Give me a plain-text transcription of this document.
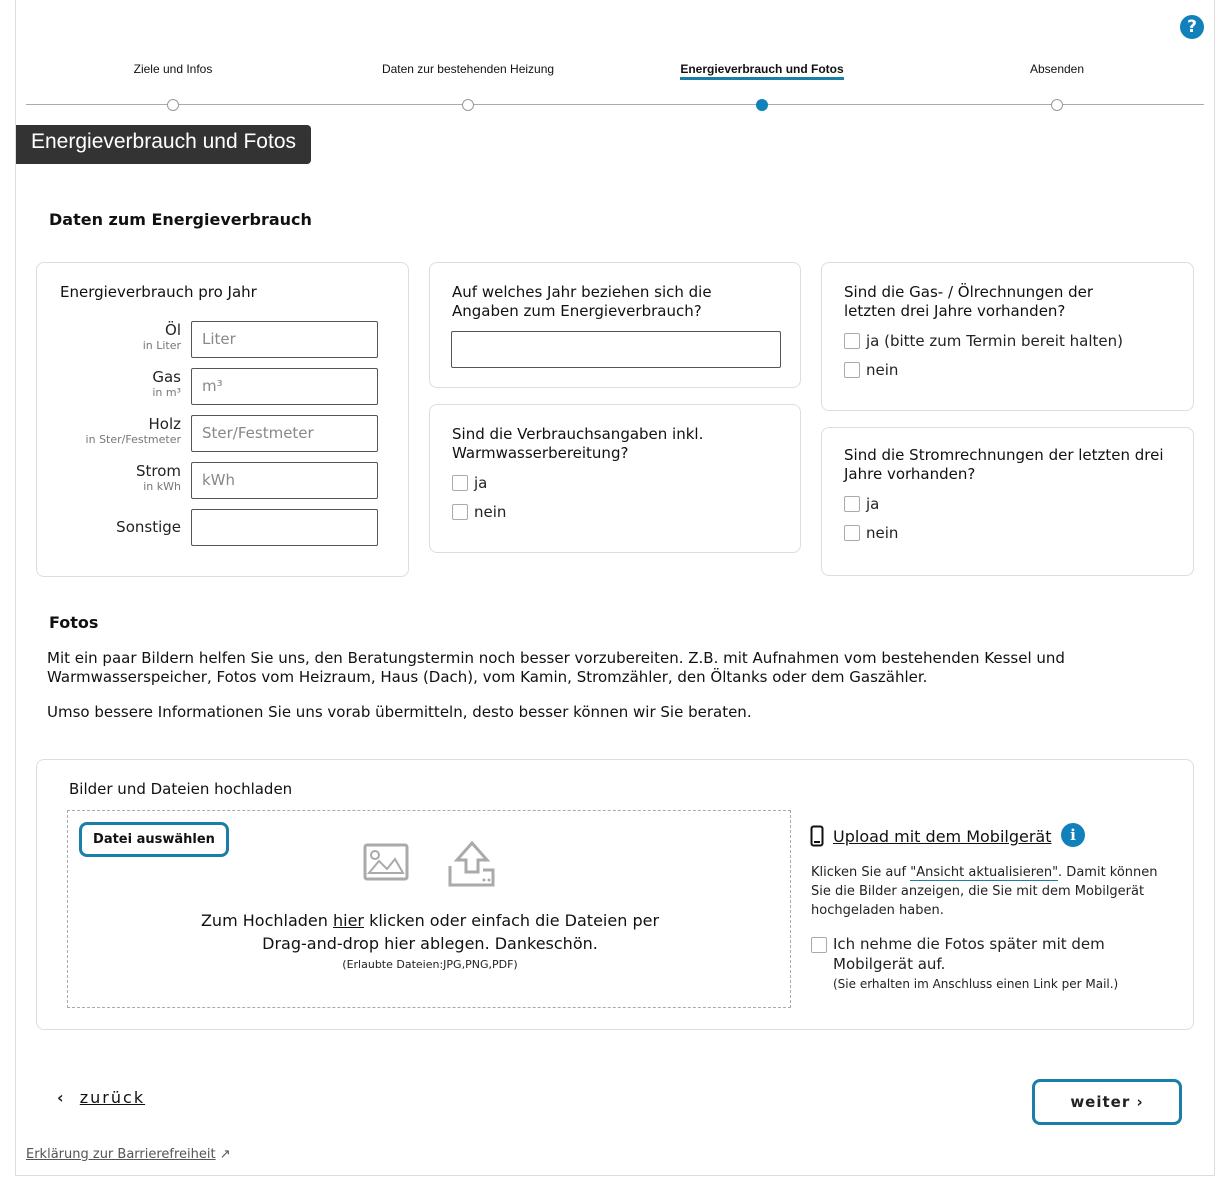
?
Ziele und Infos	Daten zur bestehenden Heizung	Energieverbrauch und Fotos	Absenden
Energieverbrauch und Fotos
Daten zum Energieverbrauch
Energieverbrauch pro Jahr
Öl
in Liter	Liter
Gas
in m³	m³
Holz
in Ster/Festmeter	Ster/Festmeter
Strom
in kWh	kWh
Sonstige
Auf welches Jahr beziehen sich die Angaben zum Energieverbrauch?
Sind die Verbrauchsangaben inkl. Warmwasserbereitung?
ja
nein
Sind die Gas- / Ölrechnungen der letzten drei Jahre vorhanden?
ja (bitte zum Termin bereit halten)
nein
Sind die Stromrechnungen der letzten drei Jahre vorhanden?
ja
nein
Fotos
Mit ein paar Bildern helfen Sie uns, den Beratungstermin noch besser vorzubereiten. Z.B. mit Aufnahmen vom bestehenden Kessel und Warmwasserspeicher, Fotos vom Heizraum, Haus (Dach), vom Kamin, Stromzähler, den Öltanks oder dem Gaszähler.
Umso bessere Informationen Sie uns vorab übermitteln, desto besser können wir Sie beraten.
Bilder und Dateien hochladen
Datei auswählen
Zum Hochladen hier klicken oder einfach die Dateien per Drag-and-drop hier ablegen. Dankeschön.
(Erlaubte Dateien:JPG,PNG,PDF)
Upload mit dem Mobilgerät	i
Klicken Sie auf "Ansicht aktualisieren". Damit können Sie die Bilder anzeigen, die Sie mit dem Mobilgerät hochgeladen haben.
Ich nehme die Fotos später mit dem Mobilgerät auf.
(Sie erhalten im Anschluss einen Link per Mail.)
‹ zurück	weiter ›
Erklärung zur Barrierefreiheit ↗
